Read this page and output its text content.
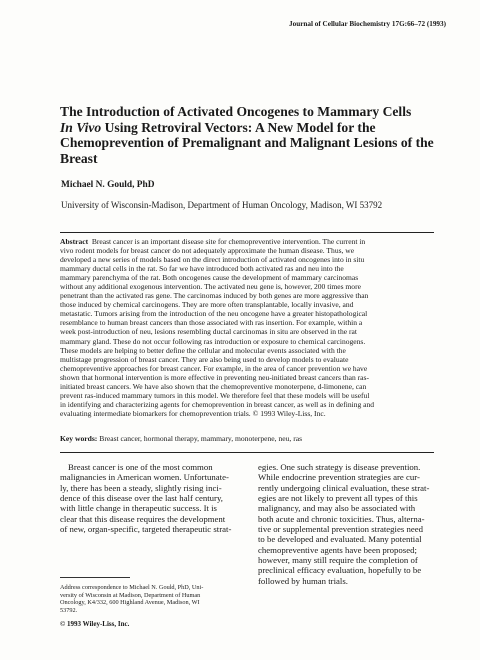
Journal of Cellular Biochemistry 17G:66–72 (1993)
The Introduction of Activated Oncogenes to Mammary Cells
In Vivo Using Retroviral Vectors: A New Model for the
Chemoprevention of Premalignant and Malignant Lesions of the
Breast
Michael N. Gould, PhD
University of Wisconsin-Madison, Department of Human Oncology, Madison, WI 53792
Abstract Breast cancer is an important disease site for chemopreventive intervention. The current in
vivo rodent models for breast cancer do not adequately approximate the human disease. Thus, we
developed a new series of models based on the direct introduction of activated oncogenes into in situ
mammary ductal cells in the rat. So far we have introduced both activated ras and neu into the
mammary parenchyma of the rat. Both oncogenes cause the development of mammary carcinomas
without any additional exogenous intervention. The activated neu gene is, however, 200 times more
penetrant than the activated ras gene. The carcinomas induced by both genes are more aggressive than
those induced by chemical carcinogens. They are more often transplantable, locally invasive, and
metastatic. Tumors arising from the introduction of the neu oncogene have a greater histopathological
resemblance to human breast cancers than those associated with ras insertion. For example, within a
week post-introduction of neu, lesions resembling ductal carcinomas in situ are observed in the rat
mammary gland. These do not occur following ras introduction or exposure to chemical carcinogens.
These models are helping to better define the cellular and molecular events associated with the
multistage progression of breast cancer. They are also being used to develop models to evaluate
chemopreventive approaches for breast cancer. For example, in the area of cancer prevention we have
shown that hormonal intervention is more effective in preventing neu-initiated breast cancers than ras-
initiated breast cancers. We have also shown that the chemopreventive monoterpene, d-limonene, can
prevent ras-induced mammary tumors in this model. We therefore feel that these models will be useful
in identifying and characterizing agents for chemoprevention in breast cancer, as well as in defining and
evaluating intermediate biomarkers for chemoprevention trials. © 1993 Wiley-Liss, Inc.
Key words: Breast cancer, hormonal therapy, mammary, monoterpene, neu, ras
Breast cancer is one of the most common
malignancies in American women. Unfortunate-
ly, there has been a steady, slightly rising inci-
dence of this disease over the last half century,
with little change in therapeutic success. It is
clear that this disease requires the development
of new, organ-specific, targeted therapeutic strat-
egies. One such strategy is disease prevention.
While endocrine prevention strategies are cur-
rently undergoing clinical evaluation, these strat-
egies are not likely to prevent all types of this
malignancy, and may also be associated with
both acute and chronic toxicities. Thus, alterna-
tive or supplemental prevention strategies need
to be developed and evaluated. Many potential
chemopreventive agents have been proposed;
however, many still require the completion of
preclinical efficacy evaluation, hopefully to be
followed by human trials.
Address correspondence to Michael N. Gould, PhD, Uni-
versity of Wisconsin at Madison, Department of Human
Oncology, K4/332, 600 Highland Avenue, Madison, WI
53792.
© 1993 Wiley-Liss, Inc.
